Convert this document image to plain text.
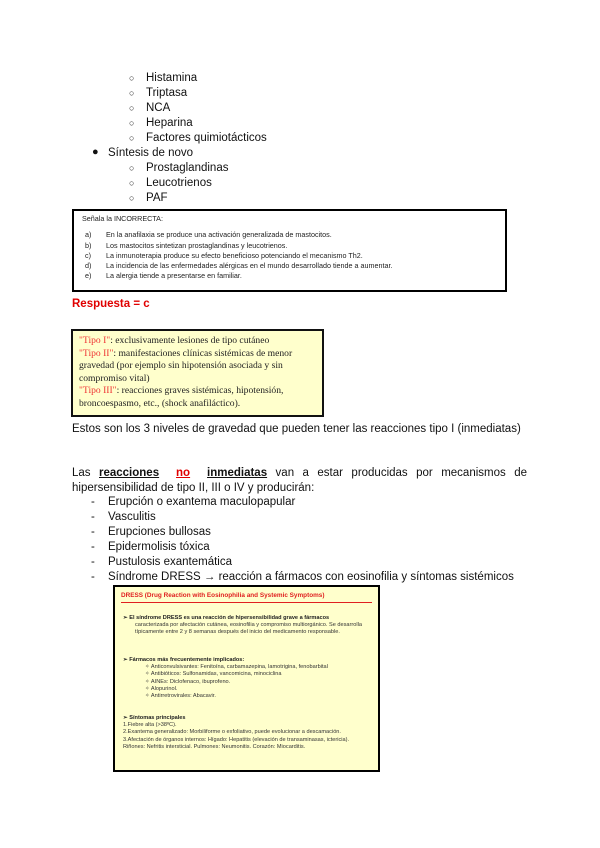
○ Histamina
○ Triptasa
○ NCA
○ Heparina
○ Factores quimiotácticos
● Síntesis de novo
○ Prostaglandinas
○ Leucotrienos
○ PAF
Señala la INCORRECTA:
a) En la anafilaxia se produce una activación generalizada de mastocitos.
b) Los mastocitos sintetizan prostaglandinas y leucotrienos.
c) La inmunoterapia produce su efecto beneficioso potenciando el mecanismo Th2.
d) La incidencia de las enfermedades alérgicas en el mundo desarrollado tiende a aumentar.
e) La alergia tiende a presentarse en familiar.
Respuesta = c
"Tipo I": exclusivamente lesiones de tipo cutáneo
"Tipo II": manifestaciones clínicas sistémicas de menor gravedad (por ejemplo sin hipotensión asociada y sin compromiso vital)
"Tipo III": reacciones graves sistémicas, hipotensión, broncoespasmo, etc., (shock anafiláctico).
Estos son los 3 niveles de gravedad que pueden tener las reacciones tipo I (inmediatas)
Las reacciones no inmediatas van a estar producidas por mecanismos de hipersensibilidad de tipo II, III o IV y producirán:
- Erupción o exantema maculopapular
- Vasculitis
- Erupciones bullosas
- Epidermolisis tóxica
- Pustulosis exantemática
- Síndrome DRESS → reacción a fármacos con eosinofilia y síntomas sistémicos
DRESS (Drug Reaction with Eosinophilia and Systemic Symptoms)
➢ El síndrome DRESS es una reacción de hipersensibilidad grave a fármacos
caracterizada por afectación cutánea, eosinofilia y compromiso multiorgánico. Se desarrolla típicamente entre 2 y 8 semanas después del inicio del medicamento responsable.
➢ Fármacos más frecuentemente implicados:
✧ Anticonvulsivantes: Fenitoína, carbamazepina, lamotrigina, fenobarbital
✧ Antibióticos: Sulfonamidas, vancomicina, minociclina
✧ AINEs: Diclofenaco, ibuprofeno.
✧ Alopurinol.
✧ Antirretrovirales: Abacavir.
➢ Síntomas principales
1.Fiebre alta (>38ºC).
2.Exantema generalizado: Morbiliforme o exfoliativo, puede evolucionar a descamación.
3.Afectación de órganos internos: Hígado: Hepatitis (elevación de transaminasas, ictericia). Riñones: Nefritis intersticial. Pulmones: Neumonitis. Corazón: Miocarditis.
